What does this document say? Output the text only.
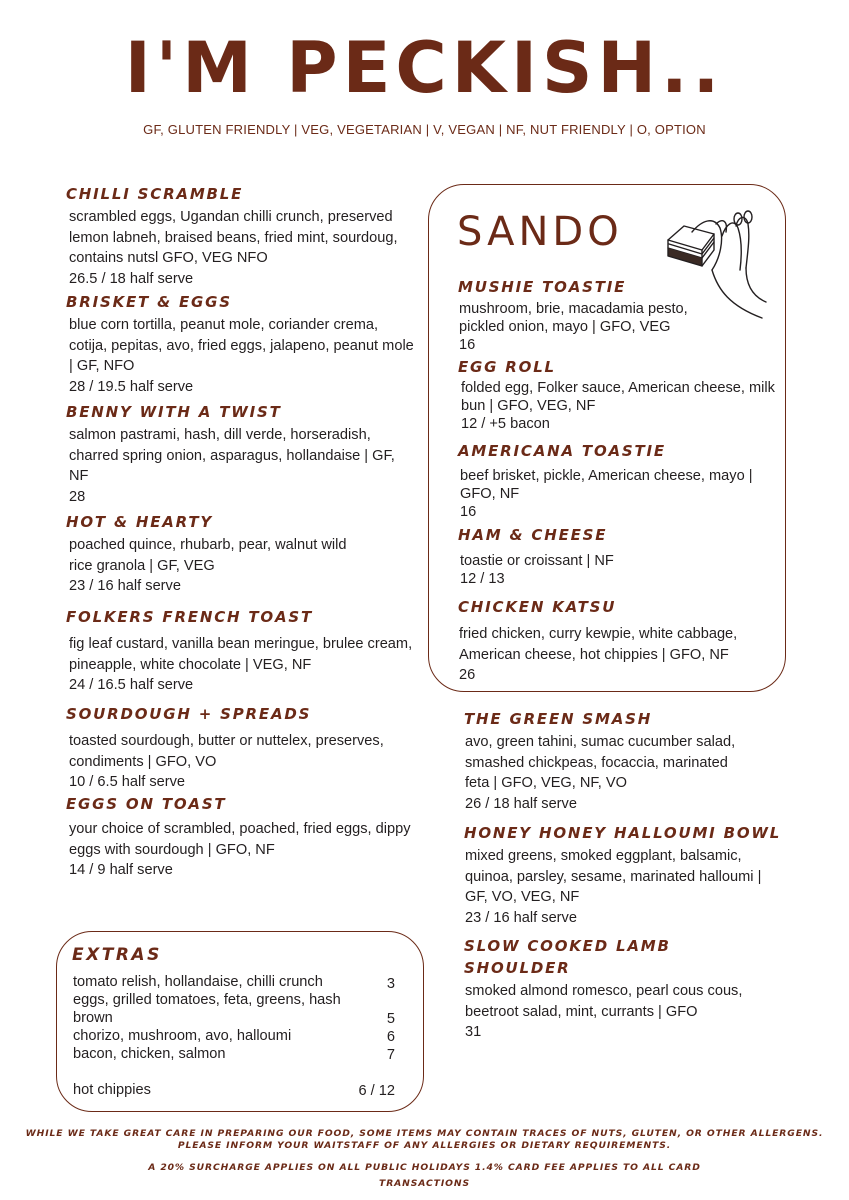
I'M PECKISH..

GF, GLUTEN FRIENDLY | VEG, VEGETARIAN | V, VEGAN | NF, NUT FRIENDLY | O, OPTION

CHILLI SCRAMBLE
scrambled eggs, Ugandan chilli crunch, preserved lemon labneh, braised beans, fried mint, sourdoug, contains nutsl GFO, VEG NFO
26.5 / 18 half serve
BRISKET & EGGS
blue corn tortilla, peanut mole, coriander crema, cotija, pepitas, avo, fried eggs, jalapeno, peanut mole | GF, NFO
28 / 19.5 half serve
BENNY WITH A TWIST
salmon pastrami, hash, dill verde, horseradish, charred spring onion, asparagus, hollandaise | GF, NF
28
HOT & HEARTY
poached quince, rhubarb, pear, walnut wild rice granola | GF, VEG
23 / 16 half serve
FOLKERS FRENCH TOAST
fig leaf custard, vanilla bean meringue, brulee cream, pineapple, white chocolate | VEG, NF
24 / 16.5 half serve
SOURDOUGH + SPREADS
toasted sourdough, butter or nuttelex, preserves, condiments | GFO, VO
10 / 6.5 half serve
EGGS ON TOAST
your choice of scrambled, poached, fried eggs, dippy eggs with sourdough | GFO, NF
14 / 9 half serve
SANDO
MUSHIE TOASTIE
mushroom, brie, macadamia pesto, pickled onion, mayo | GFO, VEG
16
EGG ROLL
folded egg, Folker sauce, American cheese, milk bun | GFO, VEG, NF
12 / +5 bacon
AMERICANA TOASTIE
beef brisket, pickle, American cheese, mayo | GFO, NF
16
HAM & CHEESE
toastie or croissant | NF
12 / 13
CHICKEN KATSU
fried chicken, curry kewpie, white cabbage, American cheese, hot chippies | GFO, NF
26
THE GREEN SMASH
avo, green tahini, sumac cucumber salad, smashed chickpeas, focaccia, marinated feta | GFO, VEG, NF, VO
26 / 18 half serve
HONEY HONEY HALLOUMI BOWL
mixed greens, smoked eggplant, balsamic, quinoa, parsley, sesame, marinated halloumi | GF, VO, VEG, NF
23 / 16 half serve
SLOW COOKED LAMB SHOULDER
smoked almond romesco, pearl cous cous, beetroot salad, mint, currants | GFO
31
EXTRAS
tomato relish, hollandaise, chilli crunch	3
eggs, grilled tomatoes, feta, greens, hash brown	5
chorizo, mushroom, avo, halloumi	6
bacon, chicken, salmon	7
hot chippies	6 / 12

WHILE WE TAKE GREAT CARE IN PREPARING OUR FOOD, SOME ITEMS MAY CONTAIN TRACES OF NUTS, GLUTEN, OR OTHER ALLERGENS.

PLEASE INFORM YOUR WAITSTAFF OF ANY ALLERGIES OR DIETARY REQUIREMENTS.

A 20% SURCHARGE APPLIES ON ALL PUBLIC HOLIDAYS 1.4% CARD FEE APPLIES TO ALL CARD

TRANSACTIONS
